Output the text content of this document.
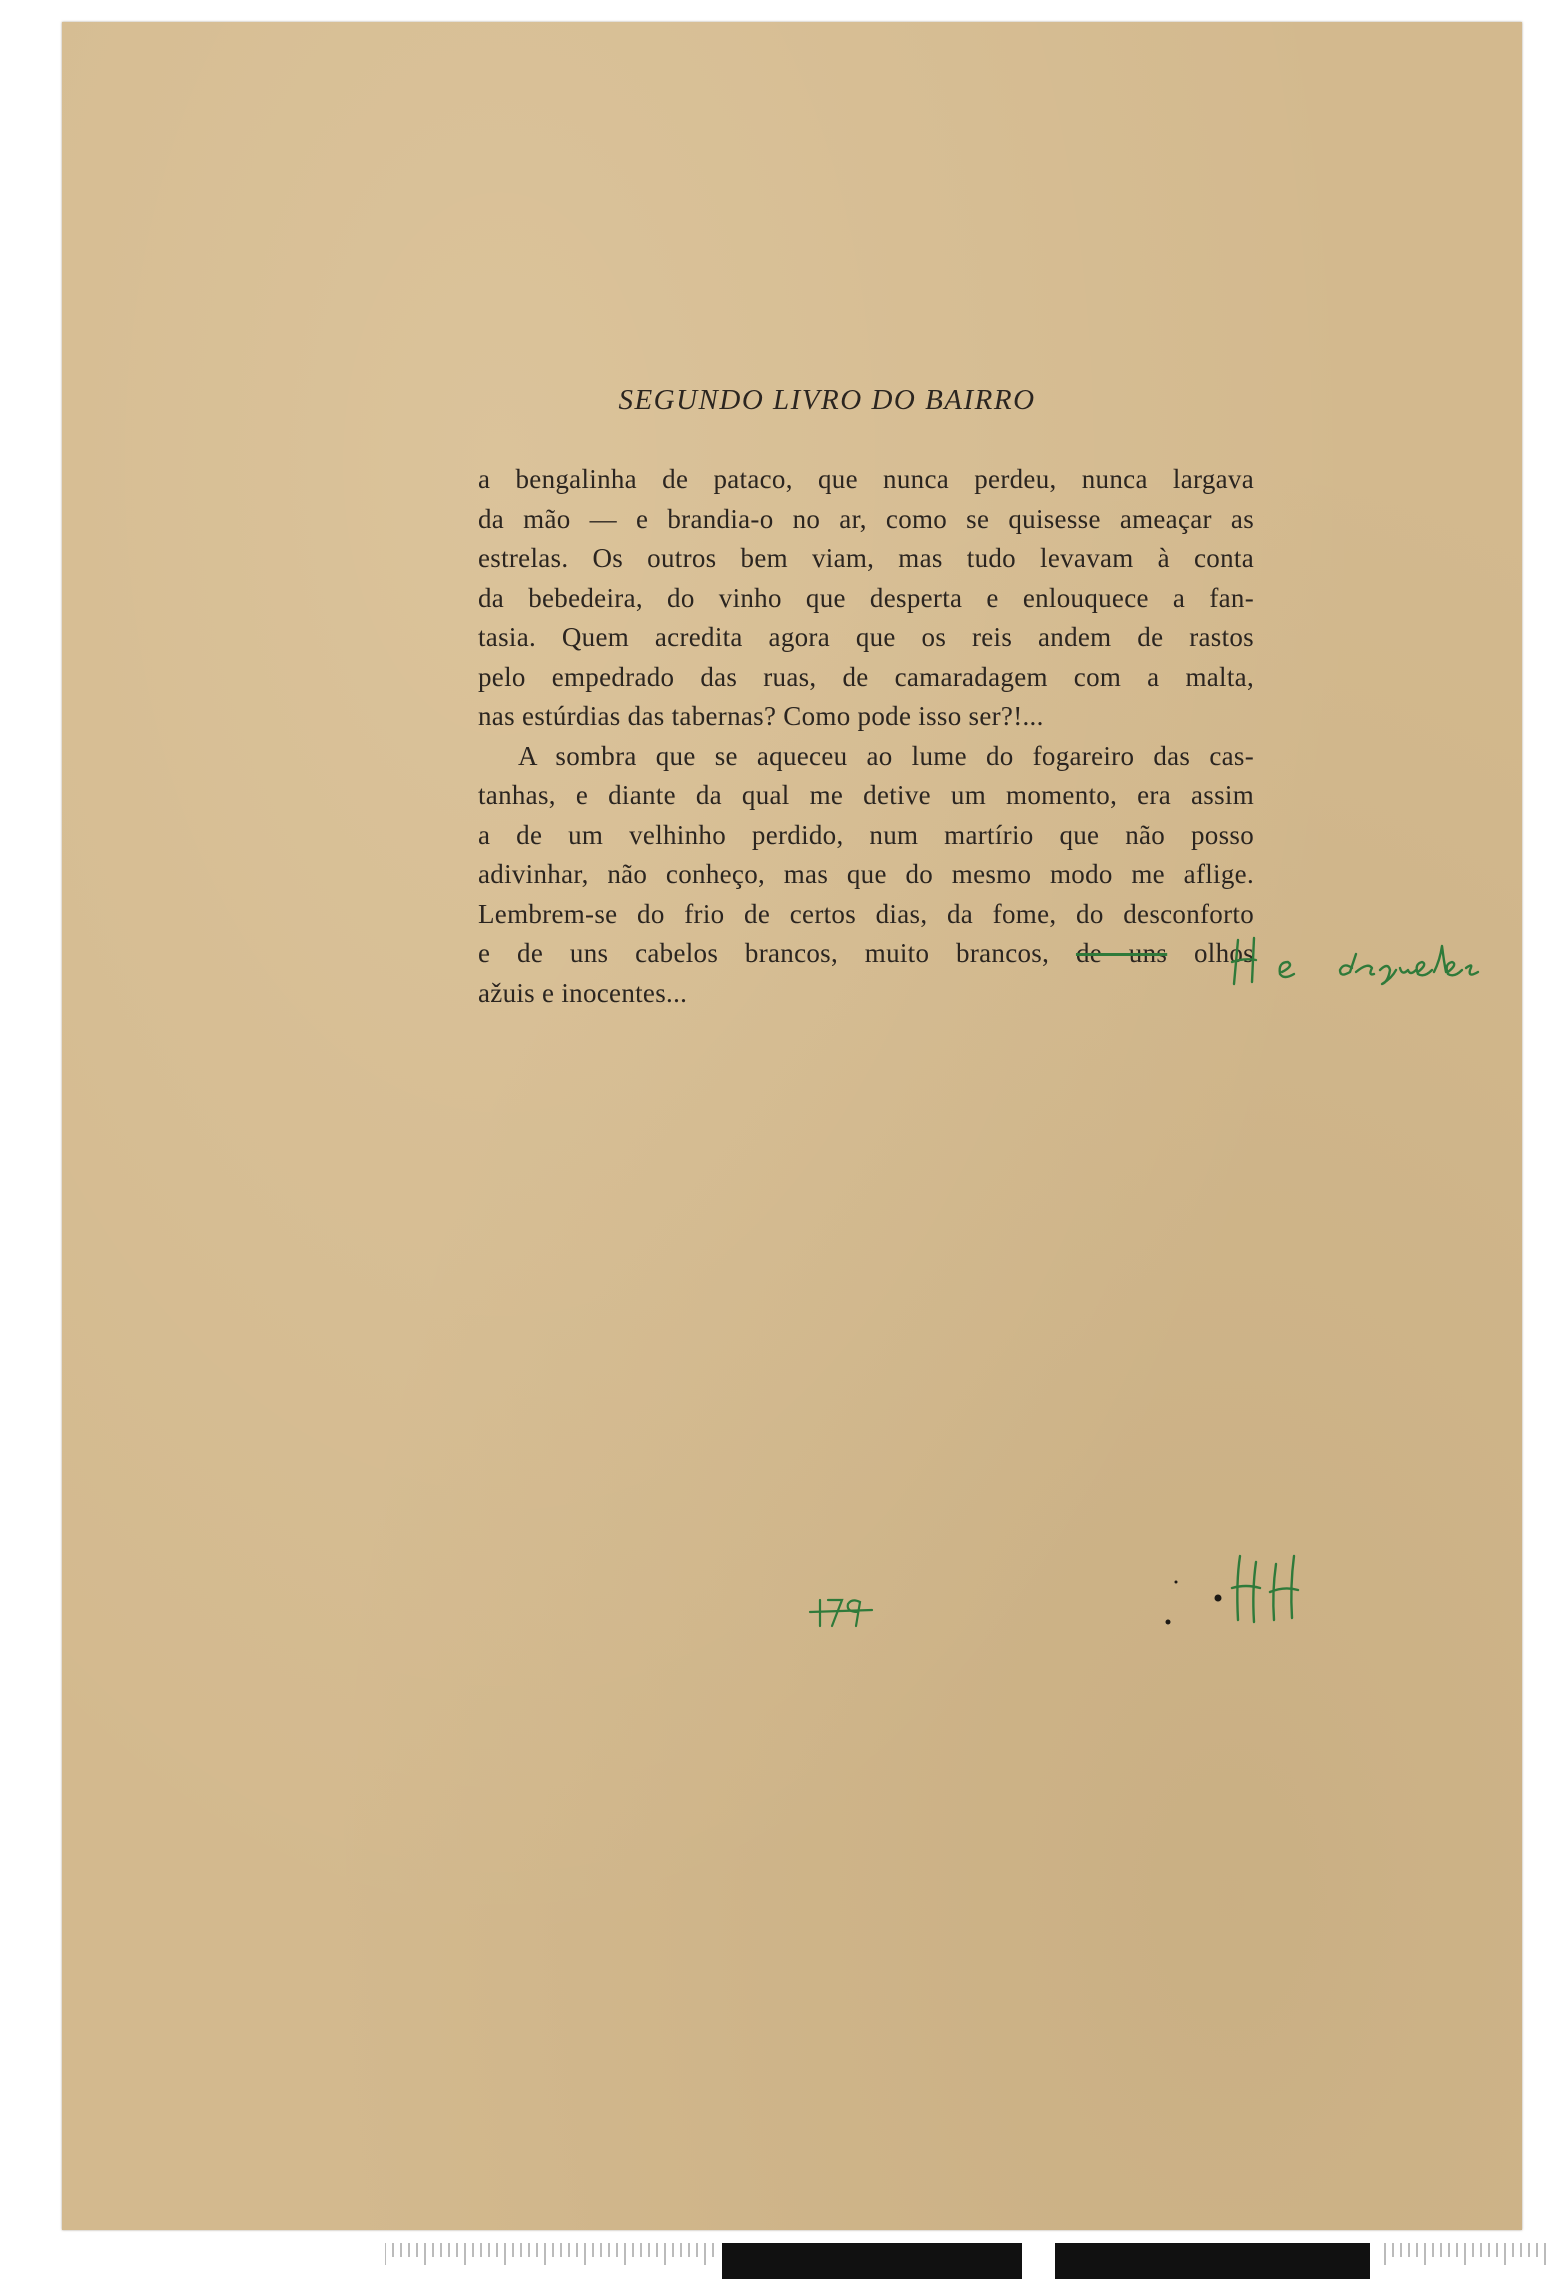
SEGUNDO LIVRO DO BAIRRO
a bengalinha de pataco, que nunca perdeu, nunca largava
da mão — e brandia-o no ar, como se quisesse ameaçar as
estrelas. Os outros bem viam, mas tudo levavam à conta
da bebedeira, do vinho que desperta e enlouquece a fan-
tasia. Quem acredita agora que os reis andem de rastos
pelo empedrado das ruas, de camaradagem com a malta,
nas estúrdias das tabernas? Como pode isso ser?!...
A sombra que se aqueceu ao lume do fogareiro das cas-
tanhas, e diante da qual me detive um momento, era assim
a de um velhinho perdido, num martírio que não posso
adivinhar, não conheço, mas que do mesmo modo me aflige.
Lembrem-se do frio de certos dias, da fome, do desconforto
e de uns cabelos brancos, muito brancos, de uns olhos
ažuis e inocentes...
